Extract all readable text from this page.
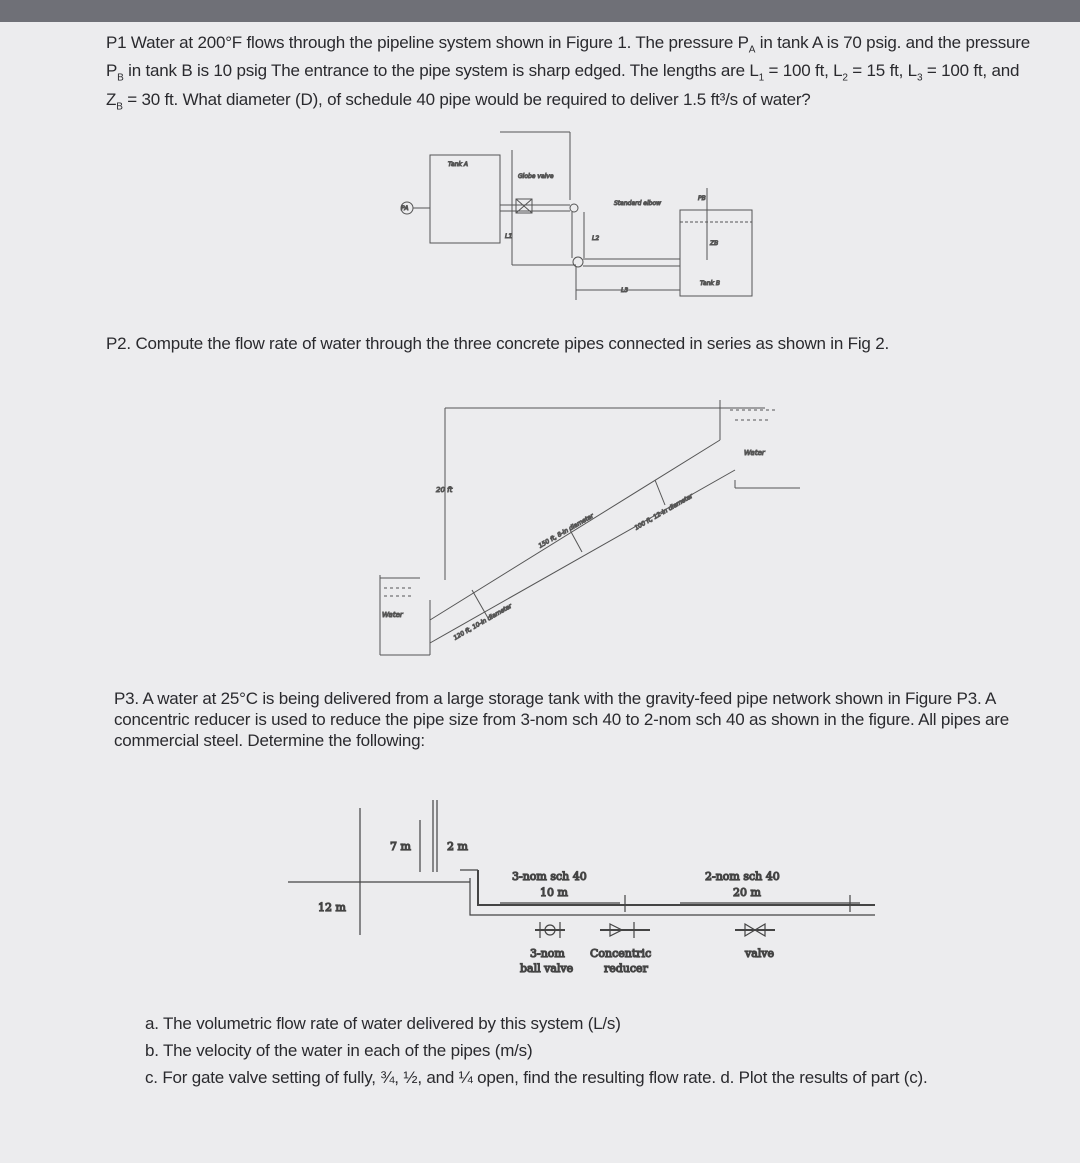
P1 Water at 200°F flows through the pipeline system shown in Figure 1. The pressure $P_A$ in tank A is 70 psig. and the pressure
$P_B$ in tank B is 10 psig The entrance to the pipe system is sharp edged. The lengths are $L_1 = 100$ ft, $L_2 = 15$ ft, $L_3 = 100$ ft, and
$Z_B = 30$ ft. What diameter (D), of schedule 40 pipe would be required to deliver 1.5 ft³/s of water?
P2. Compute the flow rate of water through the three concrete pipes connected in series as shown in Fig 2.
P3. A water at 25°C is being delivered from a large storage tank with the gravity-feed pipe network shown in Figure P3. A
concentric reducer is used to reduce the pipe size from 3-nom sch 40 to 2-nom sch 40 as shown in the figure. All pipes are
commercial steel. Determine the following:
a. The volumetric flow rate of water delivered by this system (L/s)
b. The velocity of the water in each of the pipes (m/s)
c. For gate valve setting of fully, ¾, ½, and ¼ open, find the resulting flow rate. d. Plot the results of part (c).
Tank A
PA
Globe valve
Standard elbow
L1	L2
L3
PB
ZB
Tank B
20 ft
Water
Water
120 ft, 10-in diameter
150 ft, 8-in diameter	100 ft, 12-in diameter
7 m	2 m
12 m
3-nom sch 40
10 m
2-nom sch 40
20 m
3-nom
ball valve
Concentric
reducer
valve
